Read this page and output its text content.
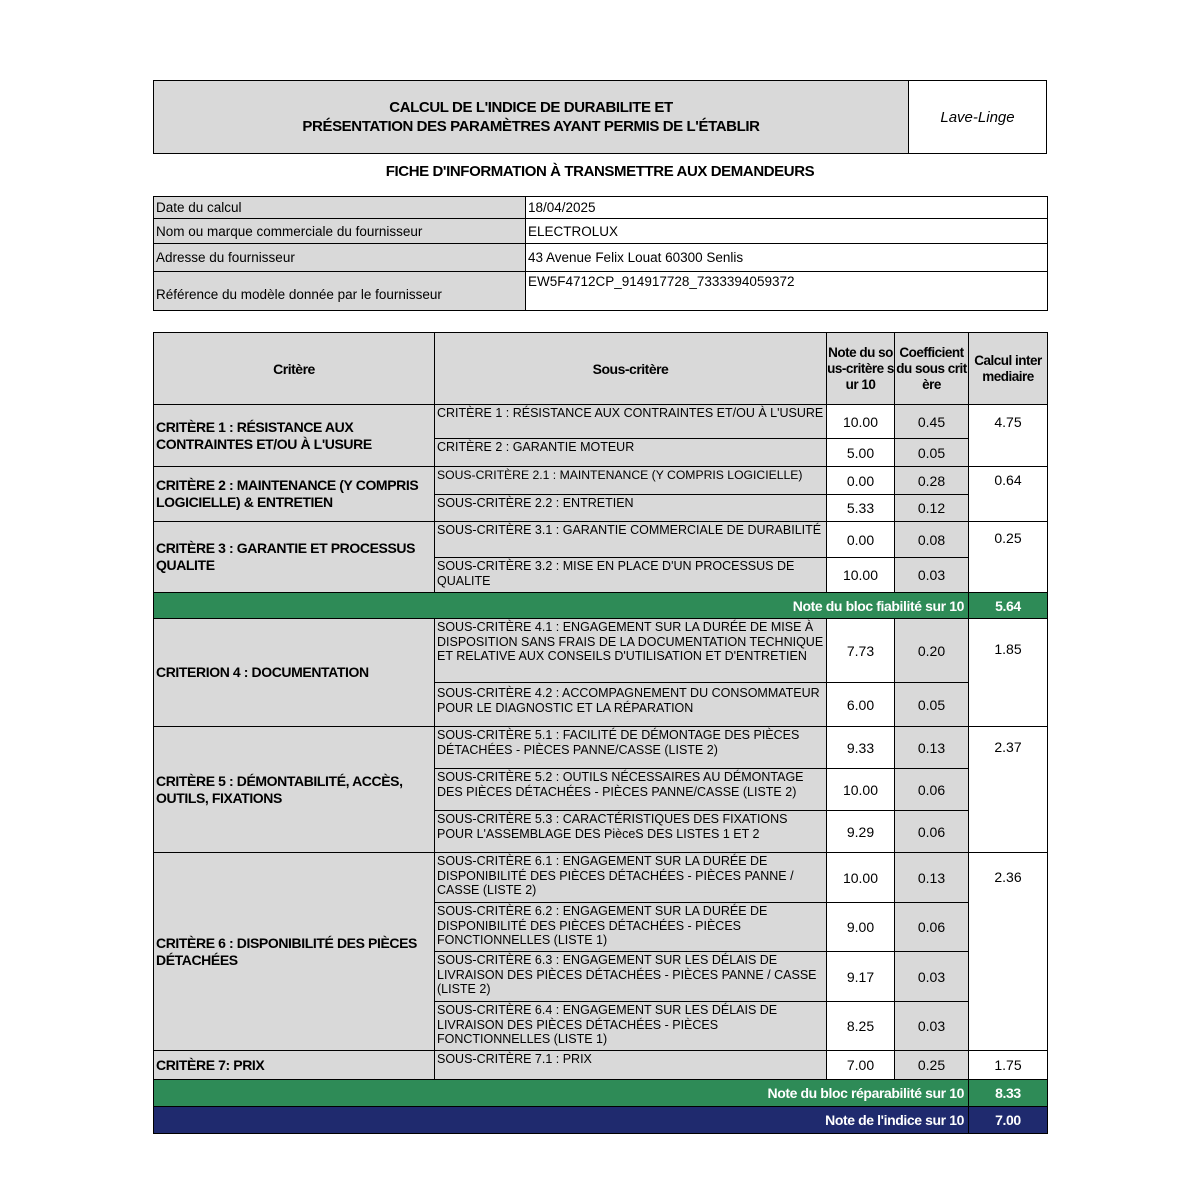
CALCUL DE L'INDICE DE DURABILITE ET
PRÉSENTATION DES PARAMÈTRES AYANT PERMIS DE L'ÉTABLIR
Lave-Linge
FICHE D'INFORMATION À TRANSMETTRE AUX DEMANDEURS
Date du calcul	18/04/2025
Nom ou marque commerciale du fournisseur	ELECTROLUX
Adresse du fournisseur	43 Avenue Felix Louat 60300 Senlis
Référence du modèle donnée par le fournisseur	EW5F4712CP_914917728_7333394059372
Critère	Sous-critère	Note du sous-critère sur 10	Coefficient du sous critère	Calcul intermediaire
CRITÈRE 1 : RÉSISTANCE AUX CONTRAINTES ET/OU À L'USURE	CRITÈRE 1 : RÉSISTANCE AUX CONTRAINTES ET/OU À L'USURE	10.00	0.45	4.75
	CRITÈRE 2 : GARANTIE MOTEUR	5.00	0.05	
CRITÈRE 2 : MAINTENANCE (Y COMPRIS LOGICIELLE) & ENTRETIEN	SOUS-CRITÈRE 2.1 : MAINTENANCE (Y COMPRIS LOGICIELLE)	0.00	0.28	0.64
	SOUS-CRITÈRE 2.2 : ENTRETIEN	5.33	0.12	
CRITÈRE 3 : GARANTIE ET PROCESSUS QUALITE	SOUS-CRITÈRE 3.1 : GARANTIE COMMERCIALE DE DURABILITÉ	0.00	0.08	0.25
	SOUS-CRITÈRE 3.2 : MISE EN PLACE D'UN PROCESSUS DE QUALITE	10.00	0.03	
Note du bloc fiabilité sur 10				5.64
CRITERION 4 : DOCUMENTATION	SOUS-CRITÈRE 4.1 : ENGAGEMENT SUR LA DURÉE DE MISE À DISPOSITION SANS FRAIS DE LA DOCUMENTATION TECHNIQUE ET RELATIVE AUX CONSEILS D'UTILISATION ET D'ENTRETIEN	7.73	0.20	1.85
	SOUS-CRITÈRE 4.2 : ACCOMPAGNEMENT DU CONSOMMATEUR POUR LE DIAGNOSTIC ET LA RÉPARATION	6.00	0.05	
CRITÈRE 5 : DÉMONTABILITÉ, ACCÈS, OUTILS, FIXATIONS	SOUS-CRITÈRE 5.1 : FACILITÉ DE DÉMONTAGE DES PIÈCES DÉTACHÉES - PIÈCES PANNE/CASSE (LISTE 2)	9.33	0.13	2.37
	SOUS-CRITÈRE 5.2 : OUTILS NÉCESSAIRES AU DÉMONTAGE DES PIÈCES DÉTACHÉES - PIÈCES PANNE/CASSE (LISTE 2)	10.00	0.06	
	SOUS-CRITÈRE 5.3 : CARACTÉRISTIQUES DES FIXATIONS POUR L'ASSEMBLAGE DES PièceS DES LISTES 1 ET 2	9.29	0.06	
CRITÈRE 6 : DISPONIBILITÉ DES PIÈCES DÉTACHÉES	SOUS-CRITÈRE 6.1 : ENGAGEMENT SUR LA DURÉE DE DISPONIBILITÉ DES PIÈCES DÉTACHÉES - PIÈCES PANNE / CASSE (LISTE 2)	10.00	0.13	2.36
	SOUS-CRITÈRE 6.2 : ENGAGEMENT SUR LA DURÉE DE DISPONIBILITÉ DES PIÈCES DÉTACHÉES - PIÈCES FONCTIONNELLES (LISTE 1)	9.00	0.06	
	SOUS-CRITÈRE 6.3 : ENGAGEMENT SUR LES DÉLAIS DE LIVRAISON DES PIÈCES DÉTACHÉES - PIÈCES PANNE / CASSE (LISTE 2)	9.17	0.03	
	SOUS-CRITÈRE 6.4 : ENGAGEMENT SUR LES DÉLAIS DE LIVRAISON DES PIÈCES DÉTACHÉES - PIÈCES FONCTIONNELLES (LISTE 1)	8.25	0.03	
CRITÈRE 7: PRIX	SOUS-CRITÈRE 7.1 : PRIX	7.00	0.25	1.75
Note du bloc réparabilité sur 10				8.33
Note de l'indice sur 10				7.00
